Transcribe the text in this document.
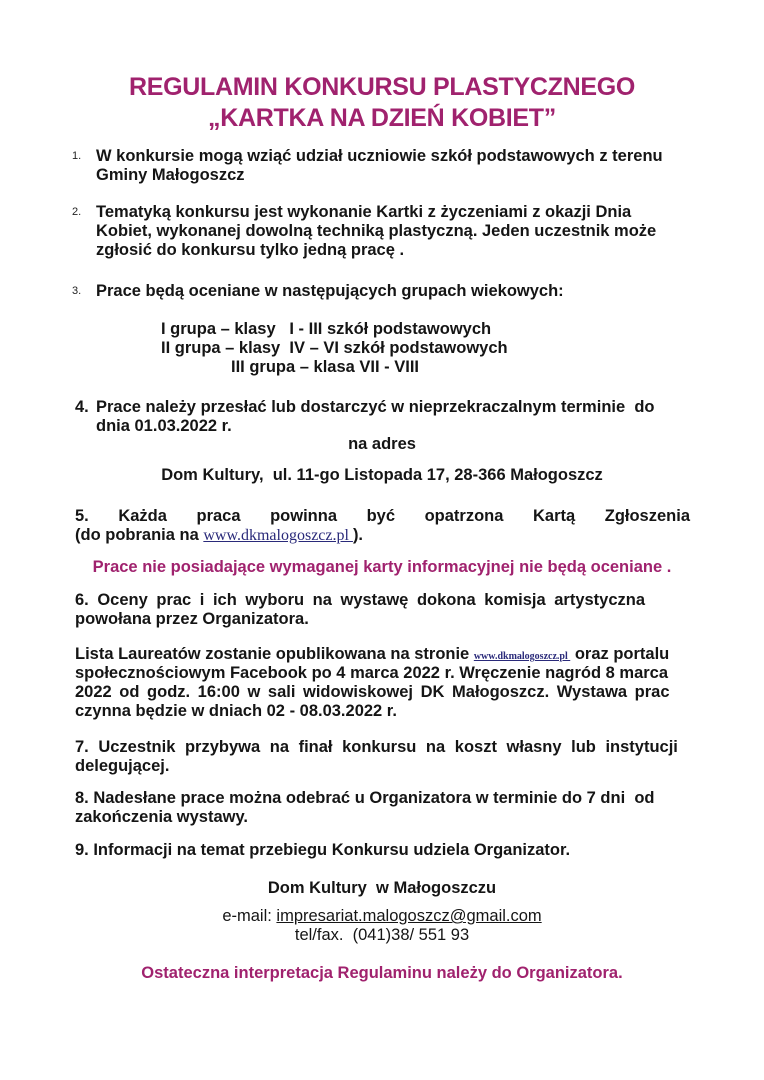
REGULAMIN KONKURSU PLASTYCZNEGO
„KARTKA NA DZIEŃ KOBIET”
1. W konkursie mogą wziąć udział uczniowie szkół podstawowych z terenu
Gminy Małogoszcz
2. Tematyką konkursu jest wykonanie Kartki z życzeniami z okazji Dnia
Kobiet, wykonanej dowolną techniką plastyczną. Jeden uczestnik może
zgłosić do konkursu tylko jedną pracę .
3. Prace będą oceniane w następujących grupach wiekowych:
I grupa – klasy   I - III szkół podstawowych
II grupa – klasy  IV – VI szkół podstawowych
III grupa – klasa VII - VIII
4. Prace należy przesłać lub dostarczyć w nieprzekraczalnym terminie  do
dnia 01.03.2022 r.
na adres
Dom Kultury,  ul. 11-go Listopada 17, 28-366 Małogoszcz
5. Każda praca powinna być opatrzona Kartą Zgłoszenia
(do pobrania na www.dkmalogoszcz.pl ).
Prace nie posiadające wymaganej karty informacyjnej nie będą oceniane .
6. Oceny prac i ich wyboru na wystawę dokona komisja artystyczna
powołana przez Organizatora.
Lista Laureatów zostanie opublikowana na stronie www.dkmalogoszcz.pl  oraz portalu
społecznościowym Facebook po 4 marca 2022 r. Wręczenie nagród 8 marca
2022 od godz. 16:00 w sali widowiskowej DK Małogoszcz. Wystawa prac
czynna będzie w dniach 02 - 08.03.2022 r.
7. Uczestnik przybywa na finał konkursu na koszt własny lub instytucji
delegującej.
8. Nadesłane prace można odebrać u Organizatora w terminie do 7 dni  od
zakończenia wystawy.
9. Informacji na temat przebiegu Konkursu udziela Organizator.
Dom Kultury  w Małogoszczu
e-mail: impresariat.malogoszcz@gmail.com
tel/fax.  (041)38/ 551 93
Ostateczna interpretacja Regulaminu należy do Organizatora.
